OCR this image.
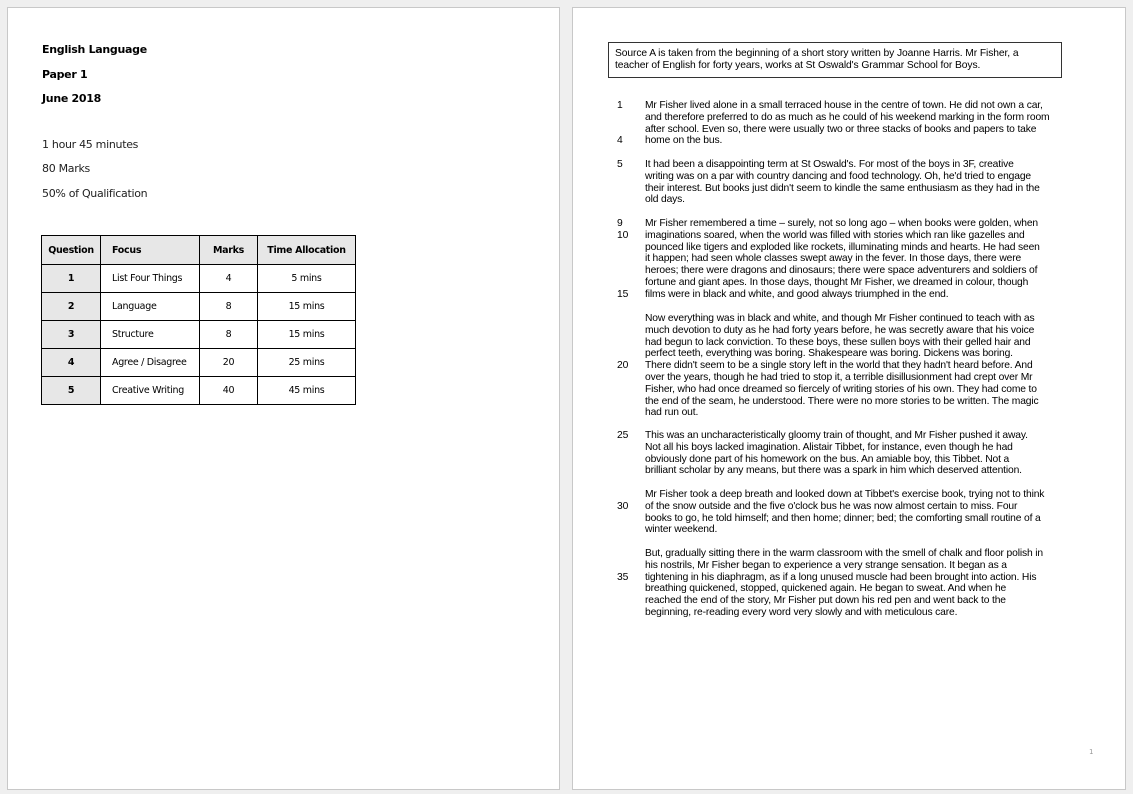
English Language
Paper 1
June 2018
1 hour 45 minutes
80 Marks
50% of Qualification
Question	Focus	Marks	Time Allocation
1	List Four Things	4	5 mins
2	Language	8	15 mins
3	Structure	8	15 mins
4	Agree / Disagree	20	25 mins
5	Creative Writing	40	45 mins
Source A is taken from the beginning of a short story written by Joanne Harris. Mr Fisher, a
teacher of English for forty years, works at St Oswald's Grammar School for Boys.
1	Mr Fisher lived alone in a small terraced house in the centre of town. He did not own a car,
and therefore preferred to do as much as he could of his weekend marking in the form room
after school. Even so, there were usually two or three stacks of books and papers to take
4	home on the bus.
5	It had been a disappointing term at St Oswald's. For most of the boys in 3F, creative
writing was on a par with country dancing and food technology. Oh, he'd tried to engage
their interest. But books just didn't seem to kindle the same enthusiasm as they had in the
old days.
9	Mr Fisher remembered a time – surely, not so long ago – when books were golden, when
10	imaginations soared, when the world was filled with stories which ran like gazelles and
pounced like tigers and exploded like rockets, illuminating minds and hearts. He had seen
it happen; had seen whole classes swept away in the fever. In those days, there were
heroes; there were dragons and dinosaurs; there were space adventurers and soldiers of
fortune and giant apes. In those days, thought Mr Fisher, we dreamed in colour, though
15	films were in black and white, and good always triumphed in the end.
Now everything was in black and white, and though Mr Fisher continued to teach with as
much devotion to duty as he had forty years before, he was secretly aware that his voice
had begun to lack conviction. To these boys, these sullen boys with their gelled hair and
perfect teeth, everything was boring. Shakespeare was boring. Dickens was boring.
20	There didn't seem to be a single story left in the world that they hadn't heard before. And
over the years, though he had tried to stop it, a terrible disillusionment had crept over Mr
Fisher, who had once dreamed so fiercely of writing stories of his own. They had come to
the end of the seam, he understood. There were no more stories to be written. The magic
had run out.
25	This was an uncharacteristically gloomy train of thought, and Mr Fisher pushed it away.
Not all his boys lacked imagination. Alistair Tibbet, for instance, even though he had
obviously done part of his homework on the bus. An amiable boy, this Tibbet. Not a
brilliant scholar by any means, but there was a spark in him which deserved attention.
Mr Fisher took a deep breath and looked down at Tibbet's exercise book, trying not to think
30	of the snow outside and the five o'clock bus he was now almost certain to miss. Four
books to go, he told himself; and then home; dinner; bed; the comforting small routine of a
winter weekend.
But, gradually sitting there in the warm classroom with the smell of chalk and floor polish in
his nostrils, Mr Fisher began to experience a very strange sensation. It began as a
35	tightening in his diaphragm, as if a long unused muscle had been brought into action. His
breathing quickened, stopped, quickened again. He began to sweat. And when he
reached the end of the story, Mr Fisher put down his red pen and went back to the
beginning, re-reading every word very slowly and with meticulous care.
1
